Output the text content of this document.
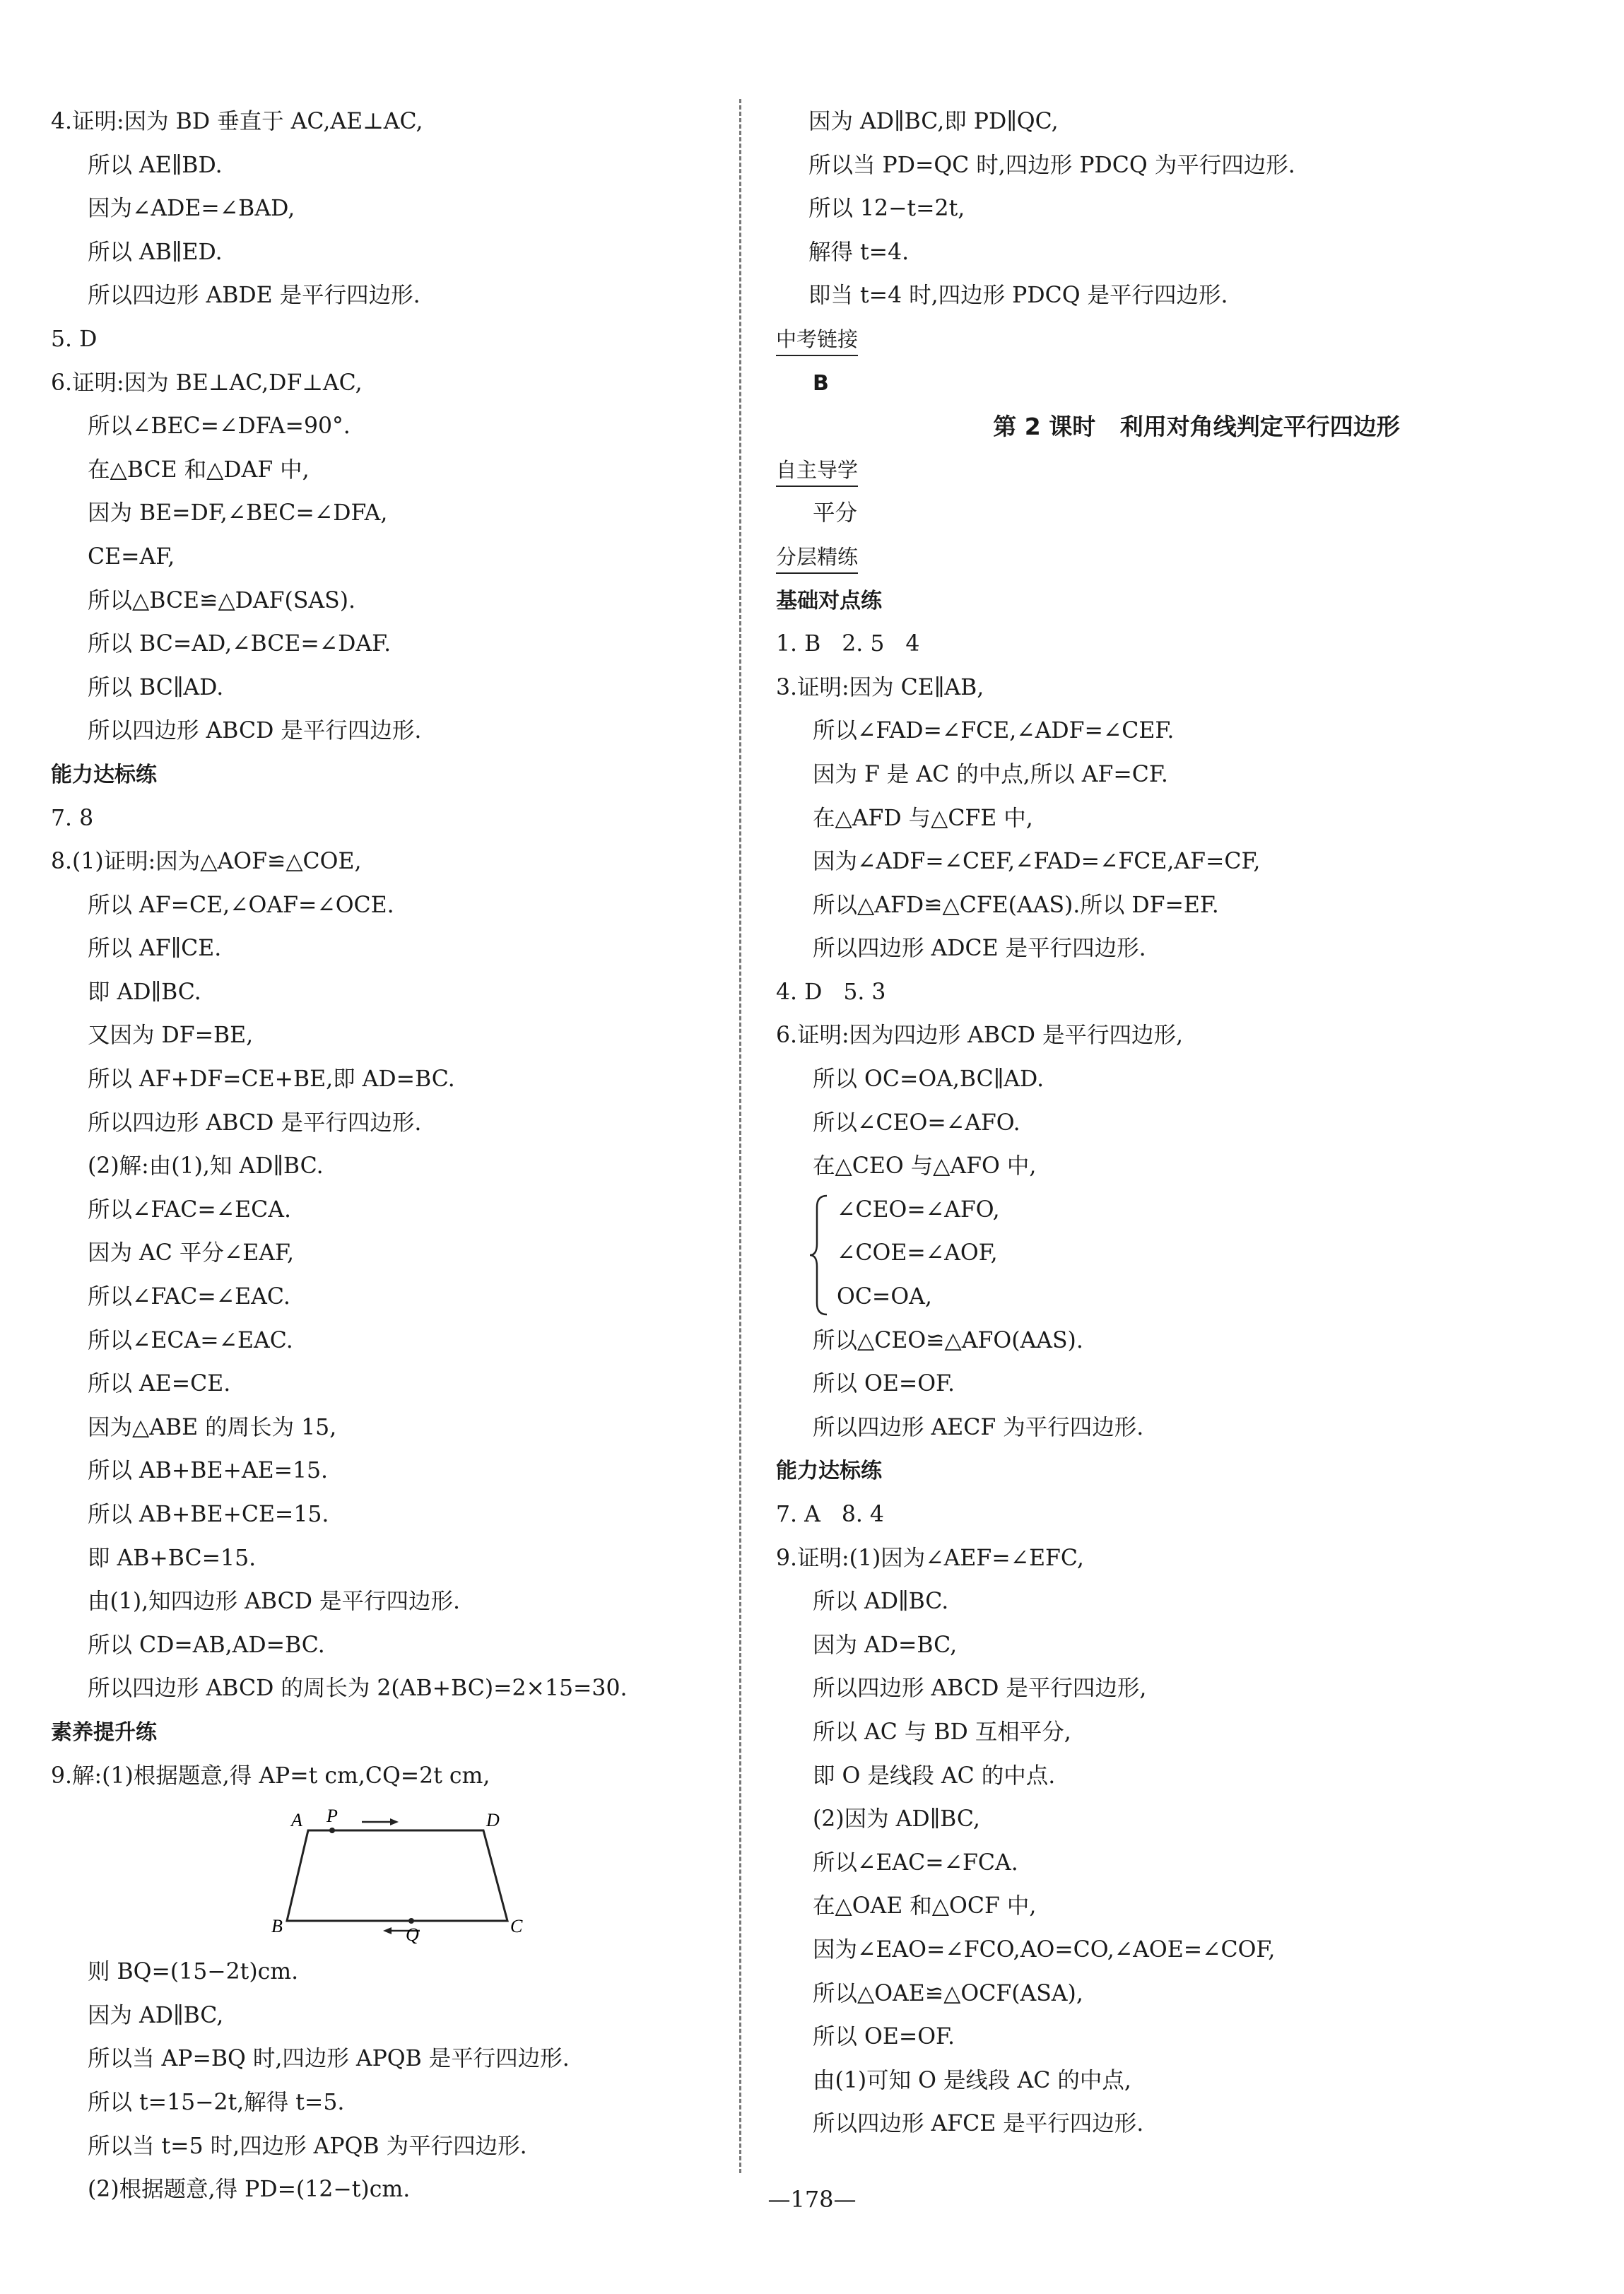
4.证明:因为 BD 垂直于 AC,AE⊥AC,
所以 AE∥BD.
因为∠ADE=∠BAD,
所以 AB∥ED.
所以四边形 ABDE 是平行四边形.
5. D
6.证明:因为 BE⊥AC,DF⊥AC,
所以∠BEC=∠DFA=90°.
在△BCE 和△DAF 中,
因为 BE=DF,∠BEC=∠DFA,
CE=AF,
所以△BCE≌△DAF(SAS).
所以 BC=AD,∠BCE=∠DAF.
所以 BC∥AD.
所以四边形 ABCD 是平行四边形.
能力达标练
7. 8
8.(1)证明:因为△AOF≌△COE,
所以 AF=CE,∠OAF=∠OCE.
所以 AF∥CE.
即 AD∥BC.
又因为 DF=BE,
所以 AF+DF=CE+BE,即 AD=BC.
所以四边形 ABCD 是平行四边形.
(2)解:由(1),知 AD∥BC.
所以∠FAC=∠ECA.
因为 AC 平分∠EAF,
所以∠FAC=∠EAC.
所以∠ECA=∠EAC.
所以 AE=CE.
因为△ABE 的周长为 15,
所以 AB+BE+AE=15.
所以 AB+BE+CE=15.
即 AB+BC=15.
由(1),知四边形 ABCD 是平行四边形.
所以 CD=AB,AD=BC.
所以四边形 ABCD 的周长为 2(AB+BC)=2×15=30.
素养提升练
9.解:(1)根据题意,得 AP=t cm,CQ=2t cm,
A P	D
B	Q	C
则 BQ=(15−2t)cm.
因为 AD∥BC,
所以当 AP=BQ 时,四边形 APQB 是平行四边形.
所以 t=15−2t,解得 t=5.
所以当 t=5 时,四边形 APQB 为平行四边形.
(2)根据题意,得 PD=(12−t)cm.
因为 AD∥BC,即 PD∥QC,
所以当 PD=QC 时,四边形 PDCQ 为平行四边形.
所以 12−t=2t,
解得 t=4.
即当 t=4 时,四边形 PDCQ 是平行四边形.
中考链接
B
第 2 课时   利用对角线判定平行四边形
自主导学
平分
分层精练
基础对点练
1. B   2. 5   4
3.证明:因为 CE∥AB,
所以∠FAD=∠FCE,∠ADF=∠CEF.
因为 F 是 AC 的中点,所以 AF=CF.
在△AFD 与△CFE 中,
因为∠ADF=∠CEF,∠FAD=∠FCE,AF=CF,
所以△AFD≌△CFE(AAS).所以 DF=EF.
所以四边形 ADCE 是平行四边形.
4. D   5. 3
6.证明:因为四边形 ABCD 是平行四边形,
所以 OC=OA,BC∥AD.
所以∠CEO=∠AFO.
在△CEO 与△AFO 中,
∠CEO=∠AFO,
∠COE=∠AOF,
OC=OA,
所以△CEO≌△AFO(AAS).
所以 OE=OF.
所以四边形 AECF 为平行四边形.
能力达标练
7. A   8. 4
9.证明:(1)因为∠AEF=∠EFC,
所以 AD∥BC.
因为 AD=BC,
所以四边形 ABCD 是平行四边形,
所以 AC 与 BD 互相平分,
即 O 是线段 AC 的中点.
(2)因为 AD∥BC,
所以∠EAC=∠FCA.
在△OAE 和△OCF 中,
因为∠EAO=∠FCO,AO=CO,∠AOE=∠COF,
所以△OAE≌△OCF(ASA),
所以 OE=OF.
由(1)可知 O 是线段 AC 的中点,
所以四边形 AFCE 是平行四边形.
—178—
